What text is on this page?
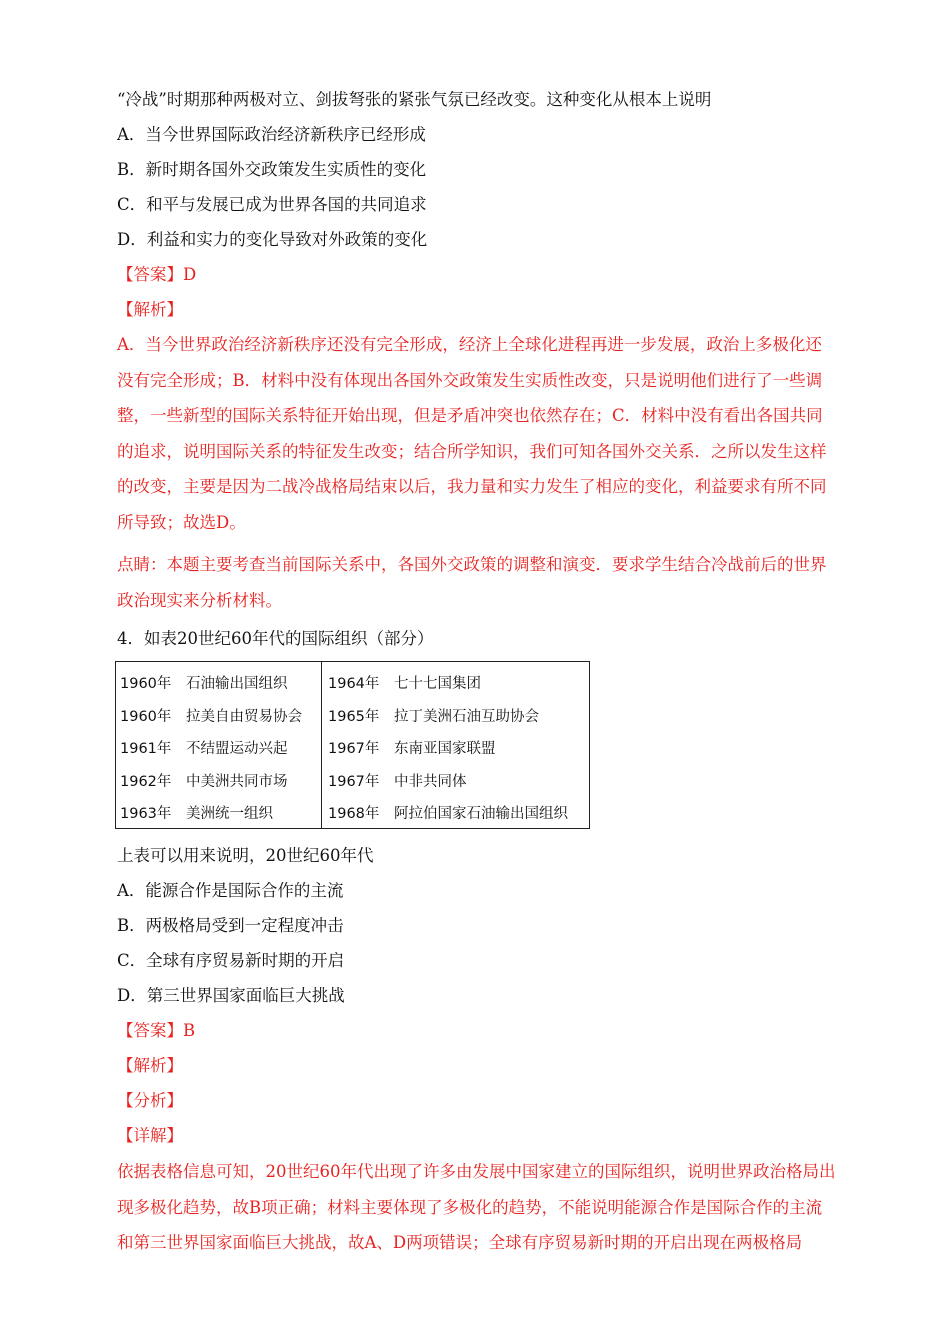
“冷战”时期那种两极对立、剑拔弩张的紧张气氛已经改变。这种变化从根本上说明
A．当今世界国际政治经济新秩序已经形成
B．新时期各国外交政策发生实质性的变化
C．和平与发展已成为世界各国的共同追求
D．利益和实力的变化导致对外政策的变化
【答案】D
【解析】
A．当今世界政治经济新秩序还没有完全形成，经济上全球化进程再进一步发展，政治上多极化还没有完全形成；B．材料中没有体现出各国外交政策发生实质性改变，只是说明他们进行了一些调整，一些新型的国际关系特征开始出现，但是矛盾冲突也依然存在；C．材料中没有看出各国共同的追求，说明国际关系的特征发生改变；结合所学知识，我们可知各国外交关系．之所以发生这样的改变，主要是因为二战冷战格局结束以后，我力量和实力发生了相应的变化，利益要求有所不同所导致；故选D。
点睛：本题主要考查当前国际关系中，各国外交政策的调整和演变．要求学生结合冷战前后的世界政治现实来分析材料。
4．如表20世纪60年代的国际组织（部分）
1960年 石油输出国组织
1960年 拉美自由贸易协会
1961年 不结盟运动兴起
1962年 中美洲共同市场
1963年 美洲统一组织
1964年 七十七国集团
1965年 拉丁美洲石油互助协会
1967年 东南亚国家联盟
1967年 中非共同体
1968年 阿拉伯国家石油输出国组织
上表可以用来说明，20世纪60年代
A．能源合作是国际合作的主流
B．两极格局受到一定程度冲击
C．全球有序贸易新时期的开启
D．第三世界国家面临巨大挑战
【答案】B
【解析】
【分析】
【详解】
依据表格信息可知，20世纪60年代出现了许多由发展中国家建立的国际组织，说明世界政治格局出现多极化趋势，故B项正确；材料主要体现了多极化的趋势，不能说明能源合作是国际合作的主流和第三世界国家面临巨大挑战，故A、D两项错误；全球有序贸易新时期的开启出现在两极格局
